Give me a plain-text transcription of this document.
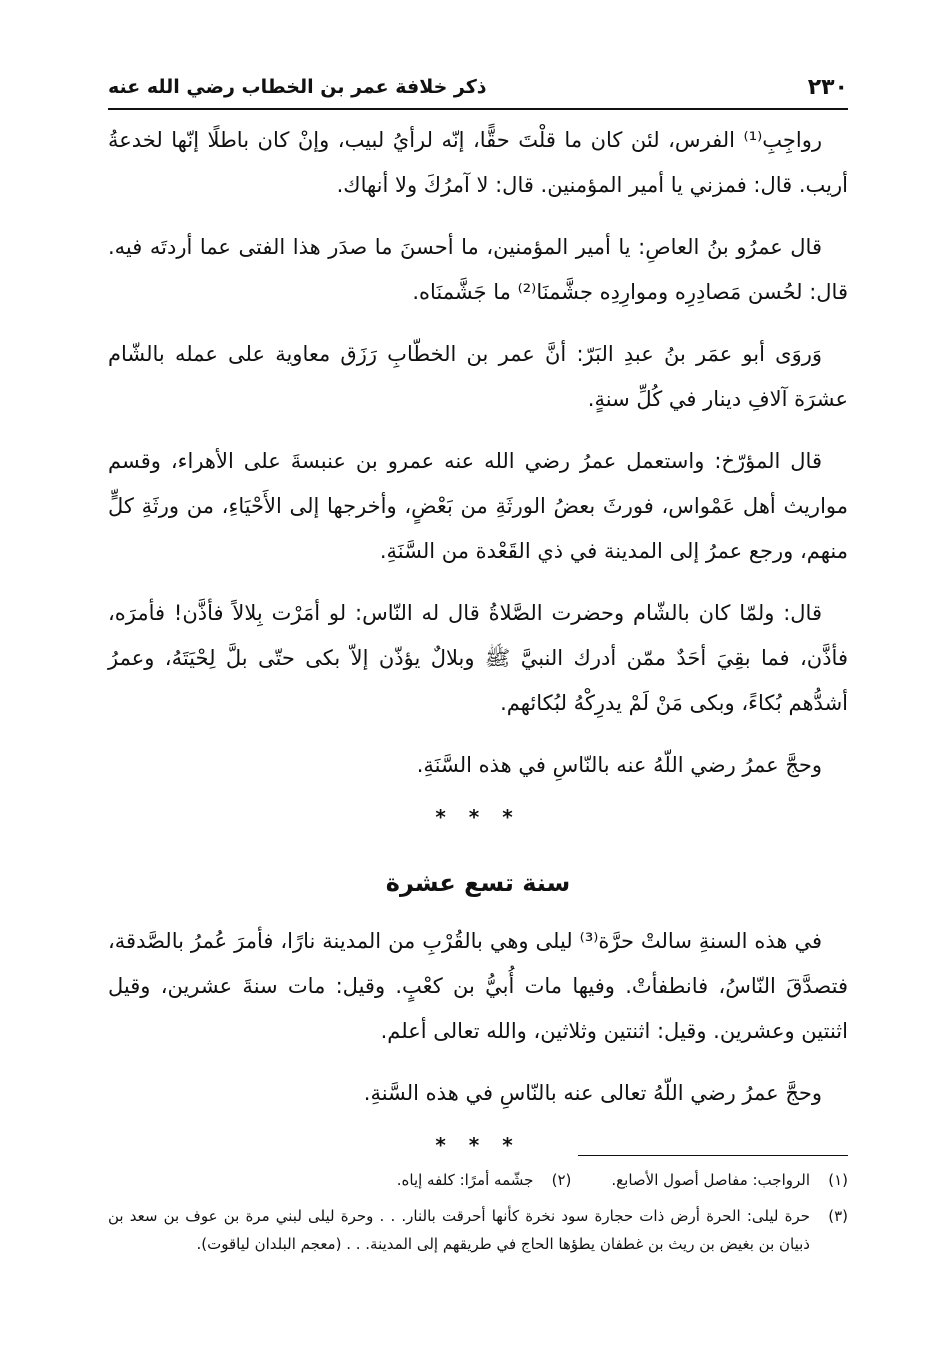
٢٣٠
ذكر خلافة عمر بن الخطاب رضي الله عنه

رواجِبِ⁽¹⁾ الفرس، لئن كان ما قلْتَ حقًّا، إنّه لرأيُ لبيب، وإنْ كان باطلًا إنّها لخدعةُ أريب. قال: فمزني يا أمير المؤمنين. قال: لا آمرُكَ ولا أنهاك.

قال عمرُو بنُ العاصِ: يا أمير المؤمنين، ما أحسنَ ما صدَر هذا الفتى عما أردتَه فيه. قال: لحُسن مَصادِرِه وموارِدِه جشَّمنَا⁽²⁾ ما جَشَّمنَاه.

وَروَى أبو عمَر بنُ عبدِ البَرّ: أنَّ عمر بن الخطّابِ رَزَق معاوية على عمله بالشّام عشرَة آلافِ دينار في كُلِّ سنةٍ.

قال المؤرّخ: واستعمل عمرُ رضي الله عنه عمرو بن عنبسةَ على الأهراء، وقسم مواريث أهل عَمْواس، فورثَ بعضُ الورثَةِ من بَعْضٍ، وأخرجها إلى الأَحْيَاءِ، من ورثَةِ كلٍّ منهم، ورجع عمرُ إلى المدينة في ذي القَعْدة من السَّنَةِ.

قال: ولمّا كان بالشّام وحضرت الصَّلاةُ قال له النّاس: لو أمَرْت بِلالاً فأذَّن! فأمرَه، فأذَّن، فما بقِيَ أحَدٌ ممّن أدرك النبيَّ ﷺ وبلالٌ يؤذّن إلاّ بكى حتّى بلَّ لِحْيَتَهُ، وعمرُ أشدُّهم بُكاءً، وبكى مَنْ لَمْ يدرِكْهُ لبُكائهم.

وحجَّ عمرُ رضي اللّهُ عنه بالنّاسِ في هذه السَّنَةِ.

* * *
سنة تسع عشرة

في هذه السنةِ سالتْ حرَّة⁽³⁾ ليلى وهي بالقُرْبِ من المدينة نارًا، فأمرَ عُمرُ بالصَّدقة، فتصدَّقَ النّاسُ، فانطفأتْ. وفيها مات أُبيُّ بن كعْبٍ. وقيل: مات سنةَ عشرين، وقيل اثنتين وعشرين. وقيل: اثنتين وثلاثين، والله تعالى أعلم.

وحجَّ عمرُ رضي اللّهُ تعالى عنه بالنّاسِ في هذه السَّنةِ.

* * *
(١)
الرواجب: مفاصل أصول الأصابع.
(٢)
جشّمه أمرًا: كلفه إياه.
(٣)
حرة ليلى: الحرة أرض ذات حجارة سود نخرة كأنها أحرقت بالنار. . . وحرة ليلى لبني مرة بن عوف بن سعد بن ذبيان بن بغيض بن ريث بن غطفان يطؤها الحاج في طريقهم إلى المدينة. . . (معجم البلدان لياقوت).
